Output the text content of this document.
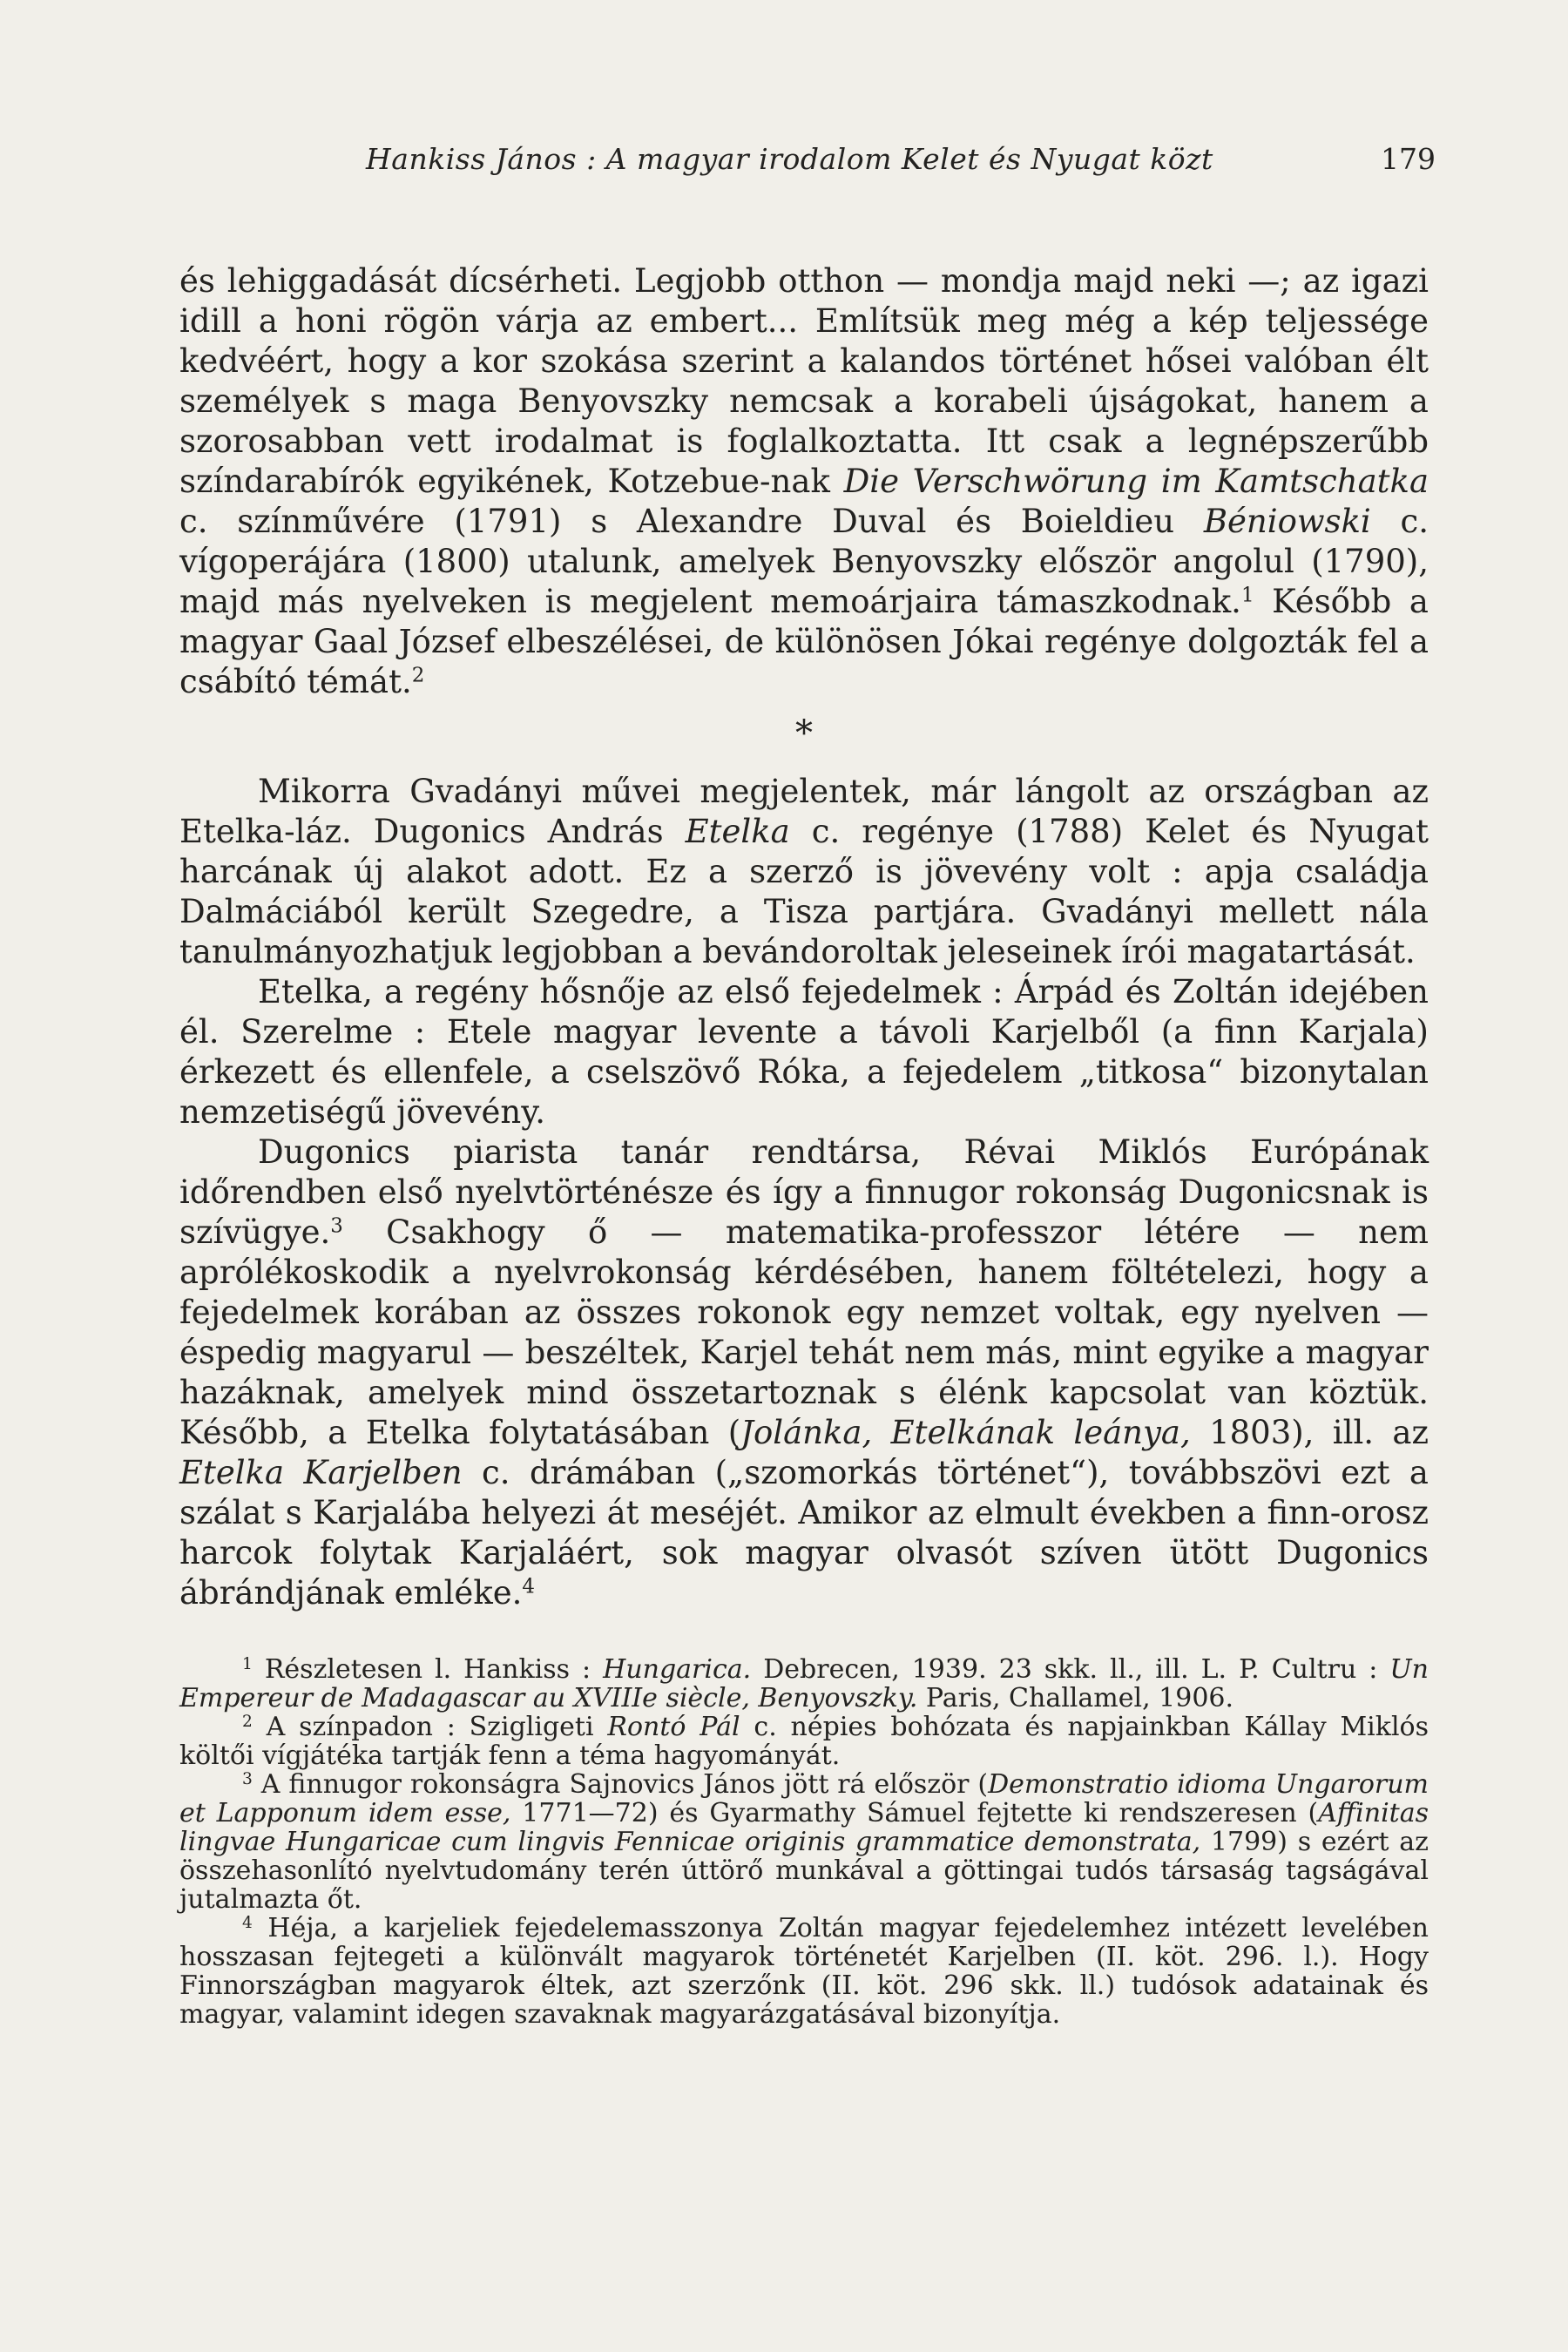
Hankiss János : A magyar irodalom Kelet és Nyugat közt	179

és lehiggadását dícsérheti. Legjobb otthon — mondja majd neki —; az igazi idill a honi rögön várja az embert... Említsük meg még a kép teljessége kedvéért, hogy a kor szokása szerint a kalandos történet hősei valóban élt személyek s maga Benyovszky nemcsak a korabeli újságokat, hanem a szorosabban vett irodalmat is foglalkoztatta. Itt csak a legnépszerűbb színdarabírók egyikének, Kotzebue-nak Die Verschwörung im Kamtschatka c. színművére (1791) s Alexandre Duval és Boieldieu Béniowski c. vígoperájára (1800) utalunk, amelyek Benyovszky először angolul (1790), majd más nyelveken is megjelent memoárjaira támaszkodnak.$^1$ Később a magyar Gaal József elbeszélései, de különösen Jókai regénye dolgozták fel a csábító témát.$^2$

*

Mikorra Gvadányi művei megjelentek, már lángolt az országban az Etelka-láz. Dugonics András Etelka c. regénye (1788) Kelet és Nyugat harcának új alakot adott. Ez a szerző is jövevény volt : apja családja Dalmáciából került Szegedre, a Tisza partjára. Gvadányi mellett nála tanulmányozhatjuk legjobban a bevándoroltak jeleseinek írói magatartását.

Etelka, a regény hősnője az első fejedelmek : Árpád és Zoltán idejében él. Szerelme : Etele magyar levente a távoli Karjelből (a finn Karjala) érkezett és ellenfele, a cselszövő Róka, a fejedelem „titkosa“ bizonytalan nemzetiségű jövevény.

Dugonics piarista tanár rendtársa, Révai Miklós Európának időrendben első nyelvtörténésze és így a finnugor rokonság Dugonicsnak is szívügye.$^3$ Csakhogy ő — matematika-professzor létére — nem aprólékoskodik a nyelvrokonság kérdésében, hanem föltételezi, hogy a fejedelmek korában az összes rokonok egy nemzet voltak, egy nyelven — éspedig magyarul — beszéltek, Karjel tehát nem más, mint egyike a magyar hazáknak, amelyek mind összetartoznak s élénk kapcsolat van köztük. Később, a Etelka folytatásában (Jolánka, Etelkának leánya, 1803), ill. az Etelka Karjelben c. drámában („szomorkás történet“), továbbszövi ezt a szálat s Karjalába helyezi át meséjét. Amikor az elmult években a finn-orosz harcok folytak Karjaláért, sok magyar olvasót szíven ütött Dugonics ábrándjának emléke.$^4$

$^1$ Részletesen l. Hankiss : Hungarica. Debrecen, 1939. 23 skk. ll., ill. L. P. Cultru : Un Empereur de Madagascar au XVIIIe siècle, Benyovszky. Paris, Challamel, 1906.

$^2$ A színpadon : Szigligeti Rontó Pál c. népies bohózata és napjainkban Kállay Miklós költői vígjátéka tartják fenn a téma hagyományát.

$^3$ A finnugor rokonságra Sajnovics János jött rá először (Demonstratio idioma Ungarorum et Lapponum idem esse, 1771—72) és Gyarmathy Sámuel fejtette ki rendszeresen (Affinitas lingvae Hungaricae cum lingvis Fennicae originis grammatice demonstrata, 1799) s ezért az összehasonlító nyelvtudomány terén úttörő munkával a göttingai tudós társaság tagságával jutalmazta őt.

$^4$ Héja, a karjeliek fejedelemasszonya Zoltán magyar fejedelemhez intézett levelében hosszasan fejtegeti a különvált magyarok történetét Karjelben (II. köt. 296. l.). Hogy Finnországban magyarok éltek, azt szerzőnk (II. köt. 296 skk. ll.) tudósok adatainak és magyar, valamint idegen szavaknak magyarázgatásával bizonyítja.
